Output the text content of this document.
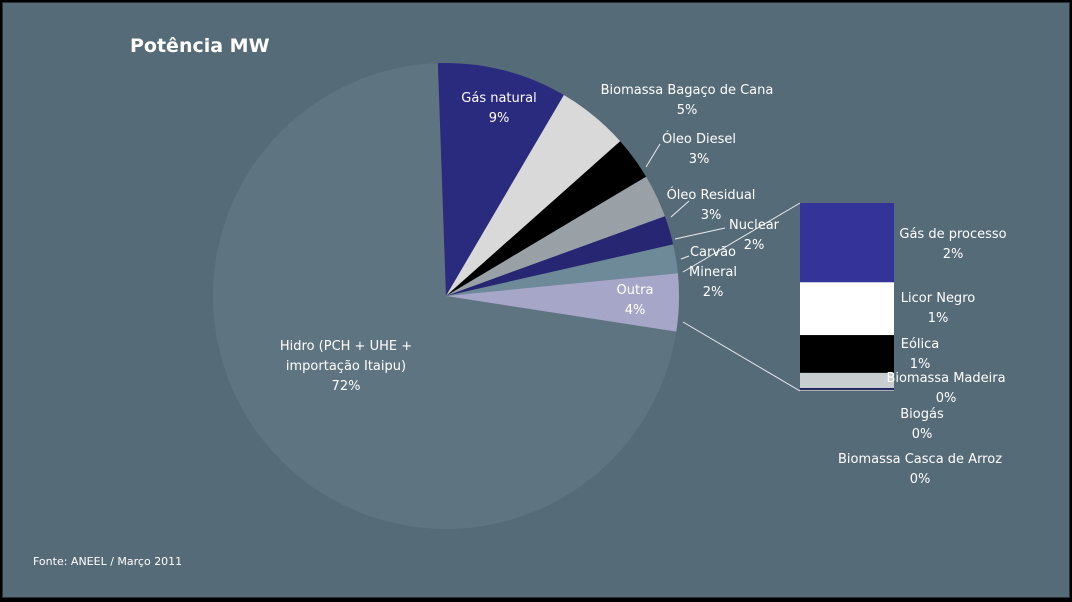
Potência MW
Gás natural 9%
Biomassa Bagaço de Cana 5%
Óleo Diesel 3%
Óleo Residual 3%
Nuclear 2%
Carvão Mineral 2%
Outra 4%
Hidro (PCH + UHE + importação Itaipu) 72%
Gás de processo 2%
Licor Negro 1%
Eólica 1%
Biomassa Madeira 0%
Biogás 0%
Biomassa Casca de Arroz 0%
Fonte: ANEEL / Março 2011
